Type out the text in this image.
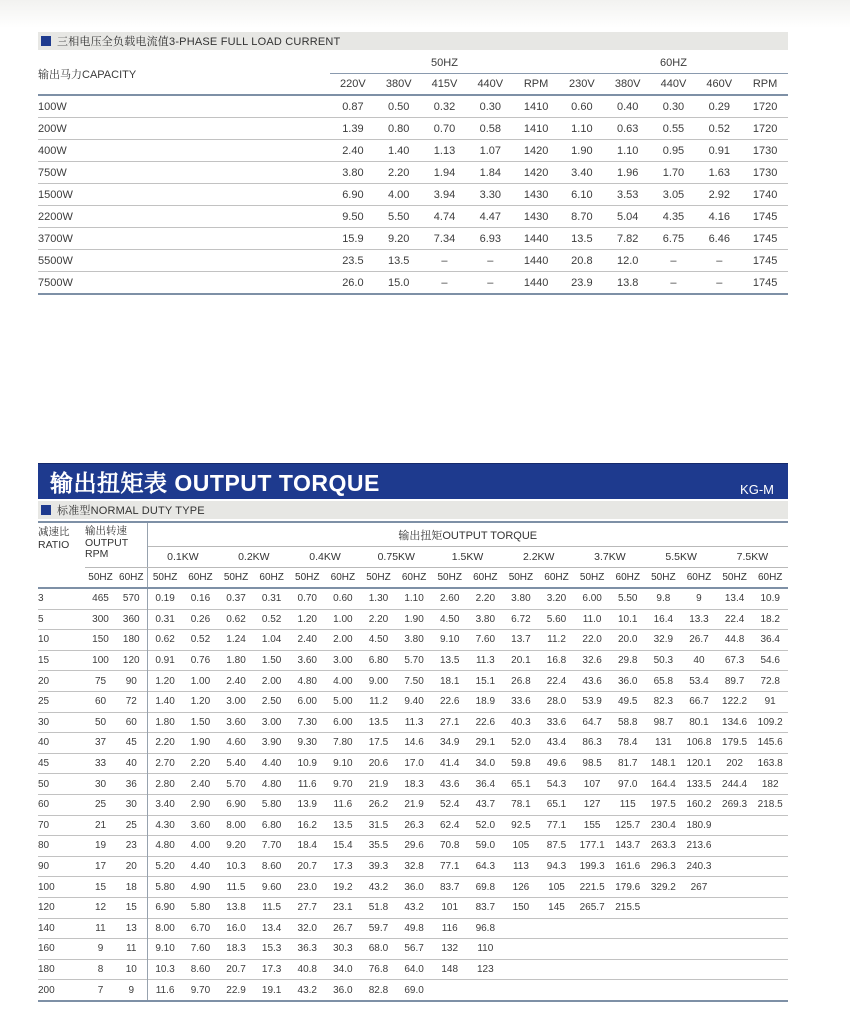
三相电压全负载电流值3-PHASE FULL LOAD CURRENT
输出马力CAPACITY	50HZ					60HZ				
	220V	380V	415V	440V	RPM	230V	380V	440V	460V	RPM
100W	0.87	0.50	0.32	0.30	1410	0.60	0.40	0.30	0.29	1720
200W	1.39	0.80	0.70	0.58	1410	1.10	0.63	0.55	0.52	1720
400W	2.40	1.40	1.13	1.07	1420	1.90	1.10	0.95	0.91	1730
750W	3.80	2.20	1.94	1.84	1420	3.40	1.96	1.70	1.63	1730
1500W	6.90	4.00	3.94	3.30	1430	6.10	3.53	3.05	2.92	1740
2200W	9.50	5.50	4.74	4.47	1430	8.70	5.04	4.35	4.16	1745
3700W	15.9	9.20	7.34	6.93	1440	13.5	7.82	6.75	6.46	1745
5500W	23.5	13.5	–	–	1440	20.8	12.0	–	–	1745
7500W	26.0	15.0	–	–	1440	23.9	13.8	–	–	1745
输出扭矩表 OUTPUT TORQUE	KG-M
标准型NORMAL DUTY TYPE
减速比
RATIO

输出转速
OUTPUT
RPM
	输出扭矩OUTPUT TORQUE
			0.1KW		0.2KW		0.4KW		0.75KW		1.5KW		2.2KW		3.7KW		5.5KW		7.5KW	
	50HZ	60HZ	50HZ	60HZ	50HZ	60HZ	50HZ	60HZ	50HZ	60HZ	50HZ	60HZ	50HZ	60HZ	50HZ	60HZ	50HZ	60HZ	50HZ	60HZ
3	465	570	0.19	0.16	0.37	0.31	0.70	0.60	1.30	1.10	2.60	2.20	3.80	3.20	6.00	5.50	9.8	9	13.4	10.9
5	300	360	0.31	0.26	0.62	0.52	1.20	1.00	2.20	1.90	4.50	3.80	6.72	5.60	11.0	10.1	16.4	13.3	22.4	18.2
10	150	180	0.62	0.52	1.24	1.04	2.40	2.00	4.50	3.80	9.10	7.60	13.7	11.2	22.0	20.0	32.9	26.7	44.8	36.4
15	100	120	0.91	0.76	1.80	1.50	3.60	3.00	6.80	5.70	13.5	11.3	20.1	16.8	32.6	29.8	50.3	40	67.3	54.6
20	75	90	1.20	1.00	2.40	2.00	4.80	4.00	9.00	7.50	18.1	15.1	26.8	22.4	43.6	36.0	65.8	53.4	89.7	72.8
25	60	72	1.40	1.20	3.00	2.50	6.00	5.00	11.2	9.40	22.6	18.9	33.6	28.0	53.9	49.5	82.3	66.7	122.2	91
30	50	60	1.80	1.50	3.60	3.00	7.30	6.00	13.5	11.3	27.1	22.6	40.3	33.6	64.7	58.8	98.7	80.1	134.6	109.2
40	37	45	2.20	1.90	4.60	3.90	9.30	7.80	17.5	14.6	34.9	29.1	52.0	43.4	86.3	78.4	131	106.8	179.5	145.6
45	33	40	2.70	2.20	5.40	4.40	10.9	9.10	20.6	17.0	41.4	34.0	59.8	49.6	98.5	81.7	148.1	120.1	202	163.8
50	30	36	2.80	2.40	5.70	4.80	11.6	9.70	21.9	18.3	43.6	36.4	65.1	54.3	107	97.0	164.4	133.5	244.4	182
60	25	30	3.40	2.90	6.90	5.80	13.9	11.6	26.2	21.9	52.4	43.7	78.1	65.1	127	115	197.5	160.2	269.3	218.5
70	21	25	4.30	3.60	8.00	6.80	16.2	13.5	31.5	26.3	62.4	52.0	92.5	77.1	155	125.7	230.4	180.9		
80	19	23	4.80	4.00	9.20	7.70	18.4	15.4	35.5	29.6	70.8	59.0	105	87.5	177.1	143.7	263.3	213.6		
90	17	20	5.20	4.40	10.3	8.60	20.7	17.3	39.3	32.8	77.1	64.3	113	94.3	199.3	161.6	296.3	240.3		
100	15	18	5.80	4.90	11.5	9.60	23.0	19.2	43.2	36.0	83.7	69.8	126	105	221.5	179.6	329.2	267		
120	12	15	6.90	5.80	13.8	11.5	27.7	23.1	51.8	43.2	101	83.7	150	145	265.7	215.5				
140	11	13	8.00	6.70	16.0	13.4	32.0	26.7	59.7	49.8	116	96.8								
160	9	11	9.10	7.60	18.3	15.3	36.3	30.3	68.0	56.7	132	110								
180	8	10	10.3	8.60	20.7	17.3	40.8	34.0	76.8	64.0	148	123								
200	7	9	11.6	9.70	22.9	19.1	43.2	36.0	82.8	69.0										
